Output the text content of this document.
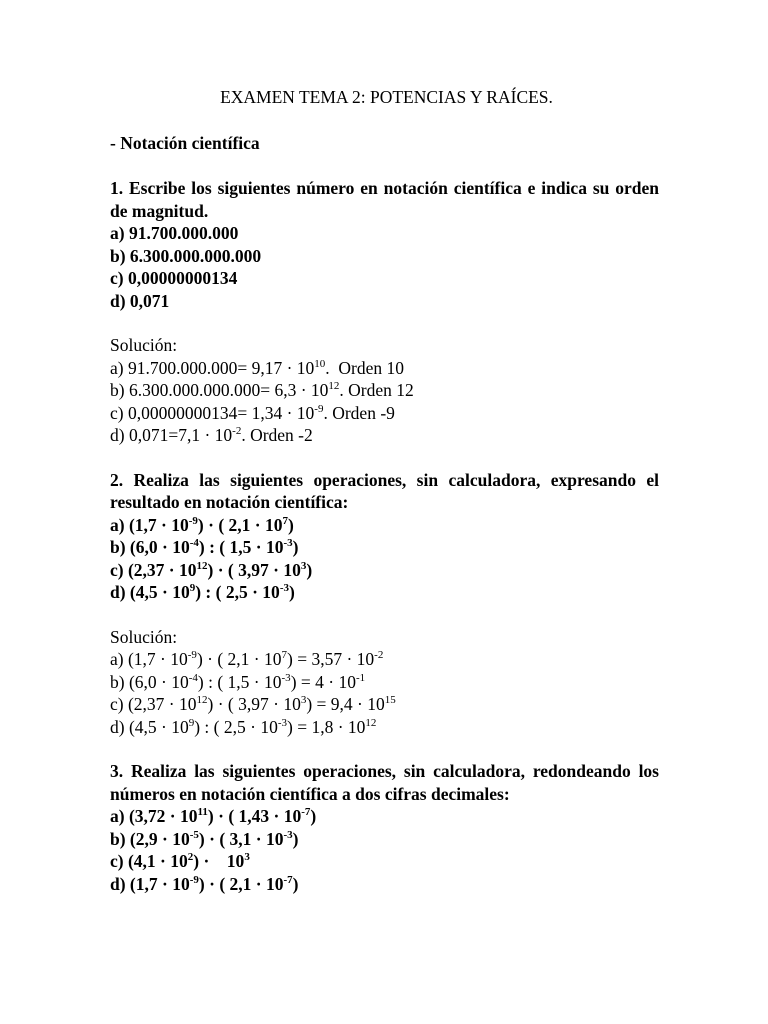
EXAMEN TEMA 2: POTENCIAS Y RAÍCES.
- Notación científica
1. Escribe los siguientes número en notación científica e indica su orden de magnitud.
a) 91.700.000.000
b) 6.300.000.000.000
c) 0,00000000134
d) 0,071
Solución:
a) $91.700.000.000= 9,17 \cdot 10^{10}$.  Orden 10
b) $6.300.000.000.000= 6,3 \cdot 10^{12}$. Orden 12
c) $0,00000000134= 1,34 \cdot 10^{-9}$. Orden -9
d) $0,071=7,1 \cdot 10^{-2}$. Orden -2
2. Realiza las siguientes operaciones, sin calculadora, expresando el resultado en notación científica:
a) $(1,7 \cdot 10^{-9})$ · ( $2,1 \cdot 10^7$)
b) $(6,0 \cdot 10^{-4})$ : ( $1,5 \cdot 10^{-3}$)
c) $(2,37 \cdot 10^{12})$ · ( $3,97 \cdot 10^3$)
d) $(4,5 \cdot 10^9)$ : ( $2,5 \cdot 10^{-3}$)
Solución:
a) $(1,7 \cdot 10^{-9})$ · ( $2,1 \cdot 10^7) = 3,57 \cdot 10^{-2}$
b) $(6,0 \cdot 10^{-4})$ : ( $1,5 \cdot 10^{-3}) = 4 \cdot 10^{-1}$
c) $(2,37 \cdot 10^{12})$ · ( $3,97 \cdot 10^3) = 9,4 \cdot 10^{15}$
d) $(4,5 \cdot 10^9)$ : ( $2,5 \cdot 10^{-3}) = 1,8 \cdot 10^{12}$
3. Realiza las siguientes operaciones, sin calculadora, redondeando los números en notación científica a dos cifras decimales:
a) $(3,72 \cdot 10^{11})$ · ( $1,43 \cdot 10^{-7}$)
b) $(2,9 \cdot 10^{-5})$ · ( $3,1 \cdot 10^{-3}$)
c) $(4,1 \cdot 10^2)$ ·    $10^3$
d) $(1,7 \cdot 10^{-9})$ · ( $2,1 \cdot 10^{-7}$)
